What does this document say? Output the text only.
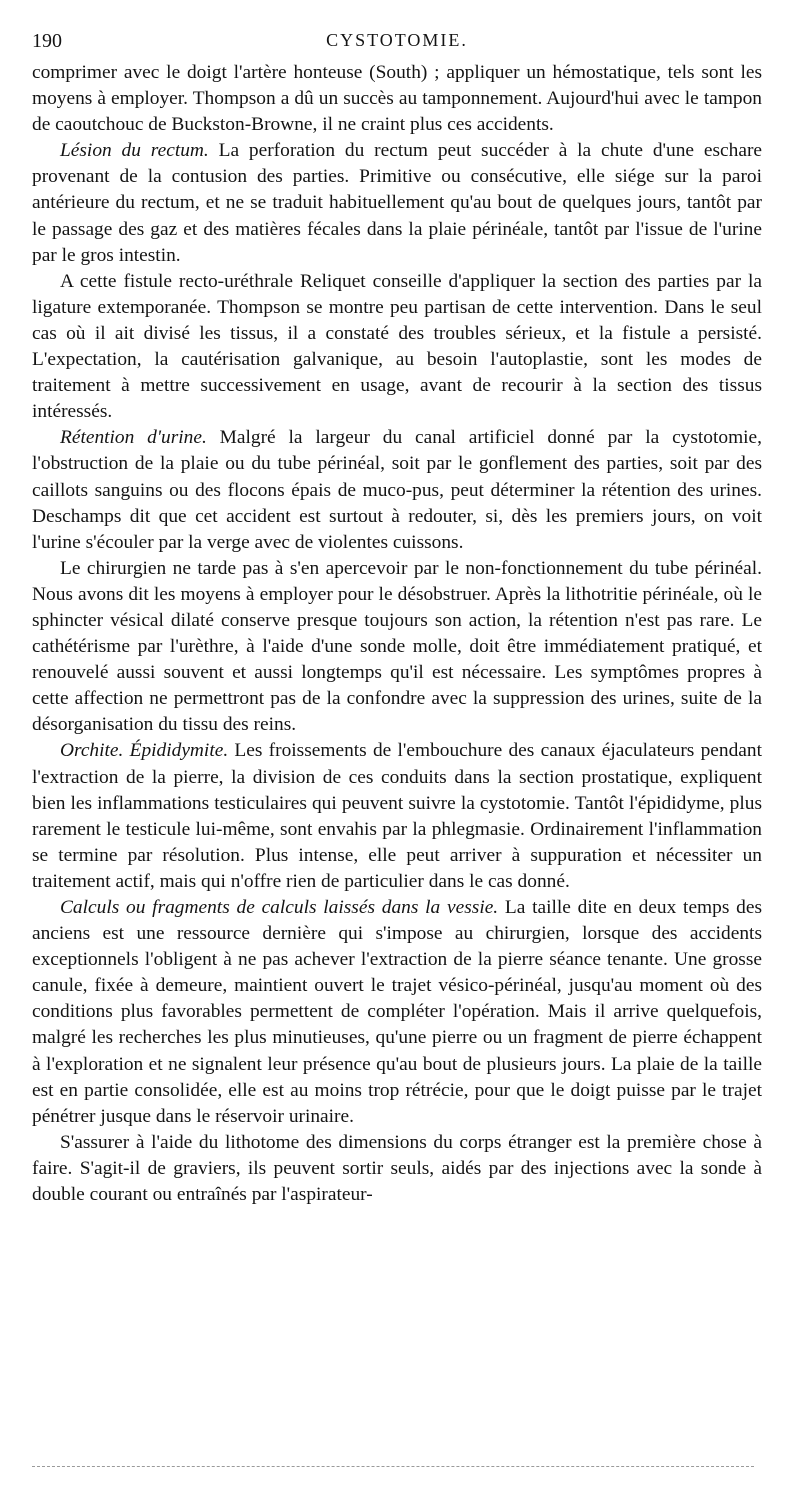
190	CYSTOTOMIE.

comprimer avec le doigt l'artère honteuse (South) ; appliquer un hémostatique, tels sont les moyens à employer. Thompson a dû un succès au tamponnement. Aujourd'hui avec le tampon de caoutchouc de Buckston-Browne, il ne craint plus ces accidents.

Lésion du rectum. La perforation du rectum peut succéder à la chute d'une eschare provenant de la contusion des parties. Primitive ou consécutive, elle siége sur la paroi antérieure du rectum, et ne se traduit habituellement qu'au bout de quelques jours, tantôt par le passage des gaz et des matières fécales dans la plaie périnéale, tantôt par l'issue de l'urine par le gros intestin.

A cette fistule recto-uréthrale Reliquet conseille d'appliquer la section des parties par la ligature extemporanée. Thompson se montre peu partisan de cette intervention. Dans le seul cas où il ait divisé les tissus, il a constaté des troubles sérieux, et la fistule a persisté. L'expectation, la cautérisation galvanique, au besoin l'autoplastie, sont les modes de traitement à mettre successivement en usage, avant de recourir à la section des tissus intéressés.

Rétention d'urine. Malgré la largeur du canal artificiel donné par la cystotomie, l'obstruction de la plaie ou du tube périnéal, soit par le gonflement des parties, soit par des caillots sanguins ou des flocons épais de muco-pus, peut déterminer la rétention des urines. Deschamps dit que cet accident est surtout à redouter, si, dès les premiers jours, on voit l'urine s'écouler par la verge avec de violentes cuissons.

Le chirurgien ne tarde pas à s'en apercevoir par le non-fonctionnement du tube périnéal. Nous avons dit les moyens à employer pour le désobstruer. Après la lithotritie périnéale, où le sphincter vésical dilaté conserve presque toujours son action, la rétention n'est pas rare. Le cathétérisme par l'urèthre, à l'aide d'une sonde molle, doit être immédiatement pratiqué, et renouvelé aussi souvent et aussi longtemps qu'il est nécessaire. Les symptômes propres à cette affection ne permettront pas de la confondre avec la suppression des urines, suite de la désorganisation du tissu des reins.

Orchite. Épididymite. Les froissements de l'embouchure des canaux éjaculateurs pendant l'extraction de la pierre, la division de ces conduits dans la section prostatique, expliquent bien les inflammations testiculaires qui peuvent suivre la cystotomie. Tantôt l'épididyme, plus rarement le testicule lui-même, sont envahis par la phlegmasie. Ordinairement l'inflammation se termine par résolution. Plus intense, elle peut arriver à suppuration et nécessiter un traitement actif, mais qui n'offre rien de particulier dans le cas donné.

Calculs ou fragments de calculs laissés dans la vessie. La taille dite en deux temps des anciens est une ressource dernière qui s'impose au chirurgien, lorsque des accidents exceptionnels l'obligent à ne pas achever l'extraction de la pierre séance tenante. Une grosse canule, fixée à demeure, maintient ouvert le trajet vésico-périnéal, jusqu'au moment où des conditions plus favorables permettent de compléter l'opération. Mais il arrive quelquefois, malgré les recherches les plus minutieuses, qu'une pierre ou un fragment de pierre échappent à l'exploration et ne signalent leur présence qu'au bout de plusieurs jours. La plaie de la taille est en partie consolidée, elle est au moins trop rétrécie, pour que le doigt puisse par le trajet pénétrer jusque dans le réservoir urinaire.

S'assurer à l'aide du lithotome des dimensions du corps étranger est la première chose à faire. S'agit-il de graviers, ils peuvent sortir seuls, aidés par des injections avec la sonde à double courant ou entraînés par l'aspirateur-
